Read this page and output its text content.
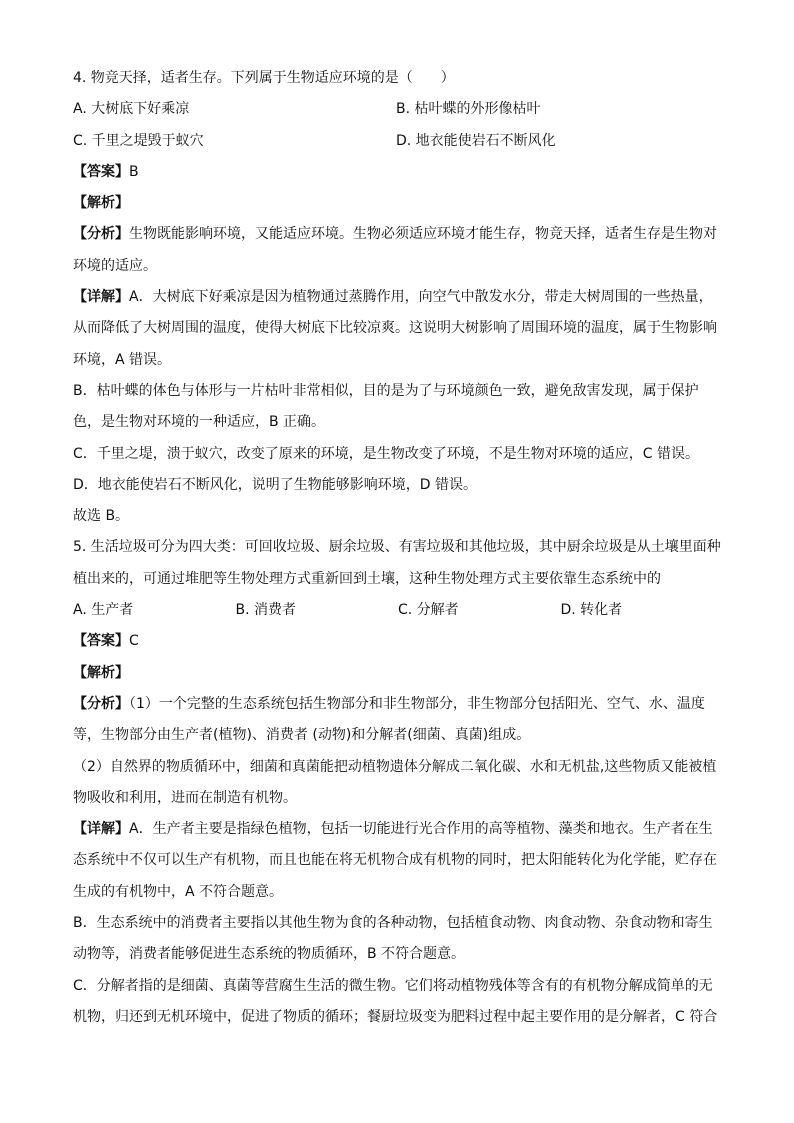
4. 物竞天择，适者生存。下列属于生物适应环境的是（　　）
A. 大树底下好乘凉	B. 枯叶蝶的外形像枯叶
C. 千里之堤毁于蚁穴	D. 地衣能使岩石不断风化
【答案】B
【解析】
【分析】生物既能影响环境，又能适应环境。生物必须适应环境才能生存，物竞天择，适者生存是生物对
环境的适应。
【详解】A．大树底下好乘凉是因为植物通过蒸腾作用，向空气中散发水分，带走大树周围的一些热量，
从而降低了大树周围的温度，使得大树底下比较凉爽。这说明大树影响了周围环境的温度，属于生物影响
环境，A 错误。
B．枯叶蝶的体色与体形与一片枯叶非常相似，目的是为了与环境颜色一致，避免敌害发现，属于保护
色，是生物对环境的一种适应，B 正确。
C．千里之堤，溃于蚁穴，改变了原来的环境，是生物改变了环境，不是生物对环境的适应，C 错误。
D．地衣能使岩石不断风化，说明了生物能够影响环境，D 错误。
故选 B。
5. 生活垃圾可分为四大类：可回收垃圾、厨余垃圾、有害垃圾和其他垃圾，其中厨余垃圾是从土壤里面种
植出来的，可通过堆肥等生物处理方式重新回到土壤，这种生物处理方式主要依靠生态系统中的
A. 生产者	B. 消费者	C. 分解者	D. 转化者
【答案】C
【解析】
【分析】（1）一个完整的生态系统包括生物部分和非生物部分，非生物部分包括阳光、空气、水、温度
等，生物部分由生产者(植物)、消费者 (动物)和分解者(细菌、真菌)组成。
（2）自然界的物质循环中，细菌和真菌能把动植物遗体分解成二氧化碳、水和无机盐,这些物质又能被植
物吸收和利用，进而在制造有机物。
【详解】A．生产者主要是指绿色植物，包括一切能进行光合作用的高等植物、藻类和地衣。生产者在生
态系统中不仅可以生产有机物，而且也能在将无机物合成有机物的同时，把太阳能转化为化学能，贮存在
生成的有机物中，A 不符合题意。
B．生态系统中的消费者主要指以其他生物为食的各种动物，包括植食动物、肉食动物、杂食动物和寄生
动物等，消费者能够促进生态系统的物质循环，B 不符合题意。
C．分解者指的是细菌、真菌等营腐生生活的微生物。它们将动植物残体等含有的有机物分解成简单的无
机物，归还到无机环境中，促进了物质的循环；餐厨垃圾变为肥料过程中起主要作用的是分解者，C 符合
